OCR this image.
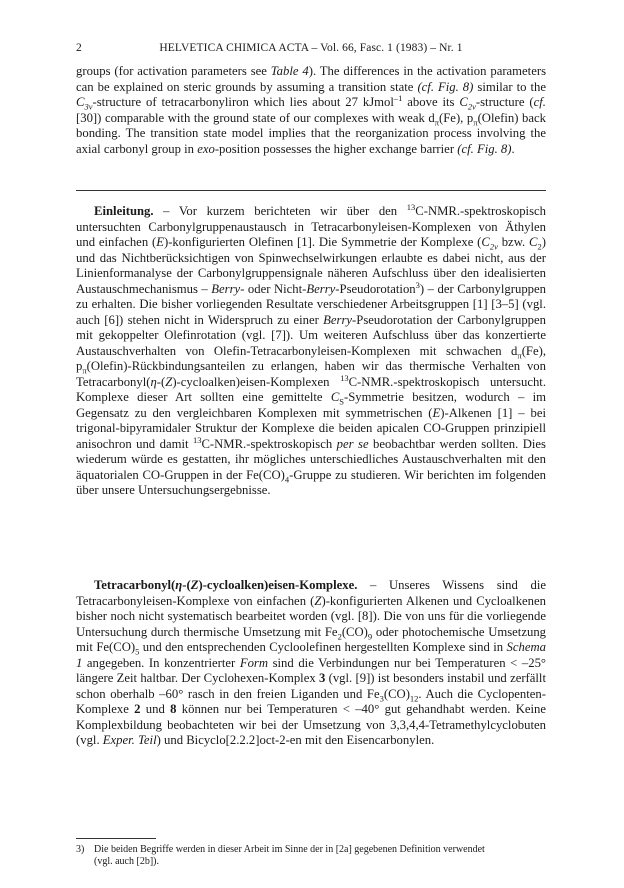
2	HELVETICA CHIMICA ACTA – Vol. 66, Fasc. 1 (1983) – Nr. 1

groups (for activation parameters see Table 4). The differences in the activation parameters can be explained on steric grounds by assuming a transition state (cf. Fig. 8) similar to the $C_{3v}$-structure of tetracarbonyliron which lies about 27 kJmol$^{-1}$ above its $C_{2v}$-structure (cf. [30]) comparable with the ground state of our complexes with weak $d_\pi(Fe)$, $p_\pi(Olefin)$ back bonding. The transition state model implies that the reorganization process involving the axial carbonyl group in exo-position possesses the higher exchange barrier (cf. Fig. 8).

Einleitung. – Vor kurzem berichteten wir über den $^{13}$C-NMR.-spektroskopisch untersuchten Carbonylgruppenaustausch in Tetracarbonyleisen-Komplexen von Äthylen und einfachen (E)-konfigurierten Olefinen [1]. Die Symmetrie der Komplexe ($C_{2v}$ bzw. $C_2$) und das Nichtberücksichtigen von Spinwechselwirkungen erlaubte es dabei nicht, aus der Linienformanalyse der Carbonylgruppensignale näheren Aufschluss über den idealisierten Austauschmechanismus – Berry- oder Nicht-Berry-Pseudorotation$^3$) – der Carbonylgruppen zu erhalten. Die bisher vorliegenden Resultate verschiedener Arbeitsgruppen [1] [3–5] (vgl. auch [6]) stehen nicht in Widerspruch zu einer Berry-Pseudorotation der Carbonylgruppen mit gekoppelter Olefinrotation (vgl. [7]). Um weiteren Aufschluss über das konzertierte Austauschverhalten von Olefin-Tetracarbonyleisen-Komplexen mit schwachen $d_\pi(Fe)$, $p_\pi(Olefin)$-Rückbindungsanteilen zu erlangen, haben wir das thermische Verhalten von Tetracarbonyl(η-(Z)-cycloalken)eisen-Komplexen $^{13}$C-NMR.-spektroskopisch untersucht. Komplexe dieser Art sollten eine gemittelte $C_S$-Symmetrie besitzen, wodurch – im Gegensatz zu den vergleichbaren Komplexen mit symmetrischen (E)-Alkenen [1] – bei trigonal-bipyramidaler Struktur der Komplexe die beiden apicalen CO-Gruppen prinzipiell anisochron und damit $^{13}$C-NMR.-spektroskopisch per se beobachtbar werden sollten. Dies wiederum würde es gestatten, ihr mögliches unterschiedliches Austauschverhalten mit den äquatorialen CO-Gruppen in der $Fe(CO)_4$-Gruppe zu studieren. Wir berichten im folgenden über unsere Untersuchungsergebnisse.

Tetracarbonyl(η-(Z)-cycloalken)eisen-Komplexe. – Unseres Wissens sind die Tetracarbonyleisen-Komplexe von einfachen (Z)-konfigurierten Alkenen und Cycloalkenen bisher noch nicht systematisch bearbeitet worden (vgl. [8]). Die von uns für die vorliegende Untersuchung durch thermische Umsetzung mit $Fe_2(CO)_9$ oder photochemische Umsetzung mit $Fe(CO)_5$ und den entsprechenden Cycloolefinen hergestellten Komplexe sind in Schema 1 angegeben. In konzentrierter Form sind die Verbindungen nur bei Temperaturen < –25° längere Zeit haltbar. Der Cyclohexen-Komplex 3 (vgl. [9]) ist besonders instabil und zerfällt schon oberhalb –60° rasch in den freien Liganden und $Fe_3(CO)_{12}$. Auch die Cyclopenten-Komplexe 2 und 8 können nur bei Temperaturen < –40° gut gehandhabt werden. Keine Komplexbildung beobachteten wir bei der Umsetzung von 3,3,4,4-Tetramethylcyclobuten (vgl. Exper. Teil) und Bicyclo[2.2.2]oct-2-en mit den Eisencarbonylen.

3) Die beiden Begriffe werden in dieser Arbeit im Sinne der in [2a] gegebenen Definition verwendet
(vgl. auch [2b]).
